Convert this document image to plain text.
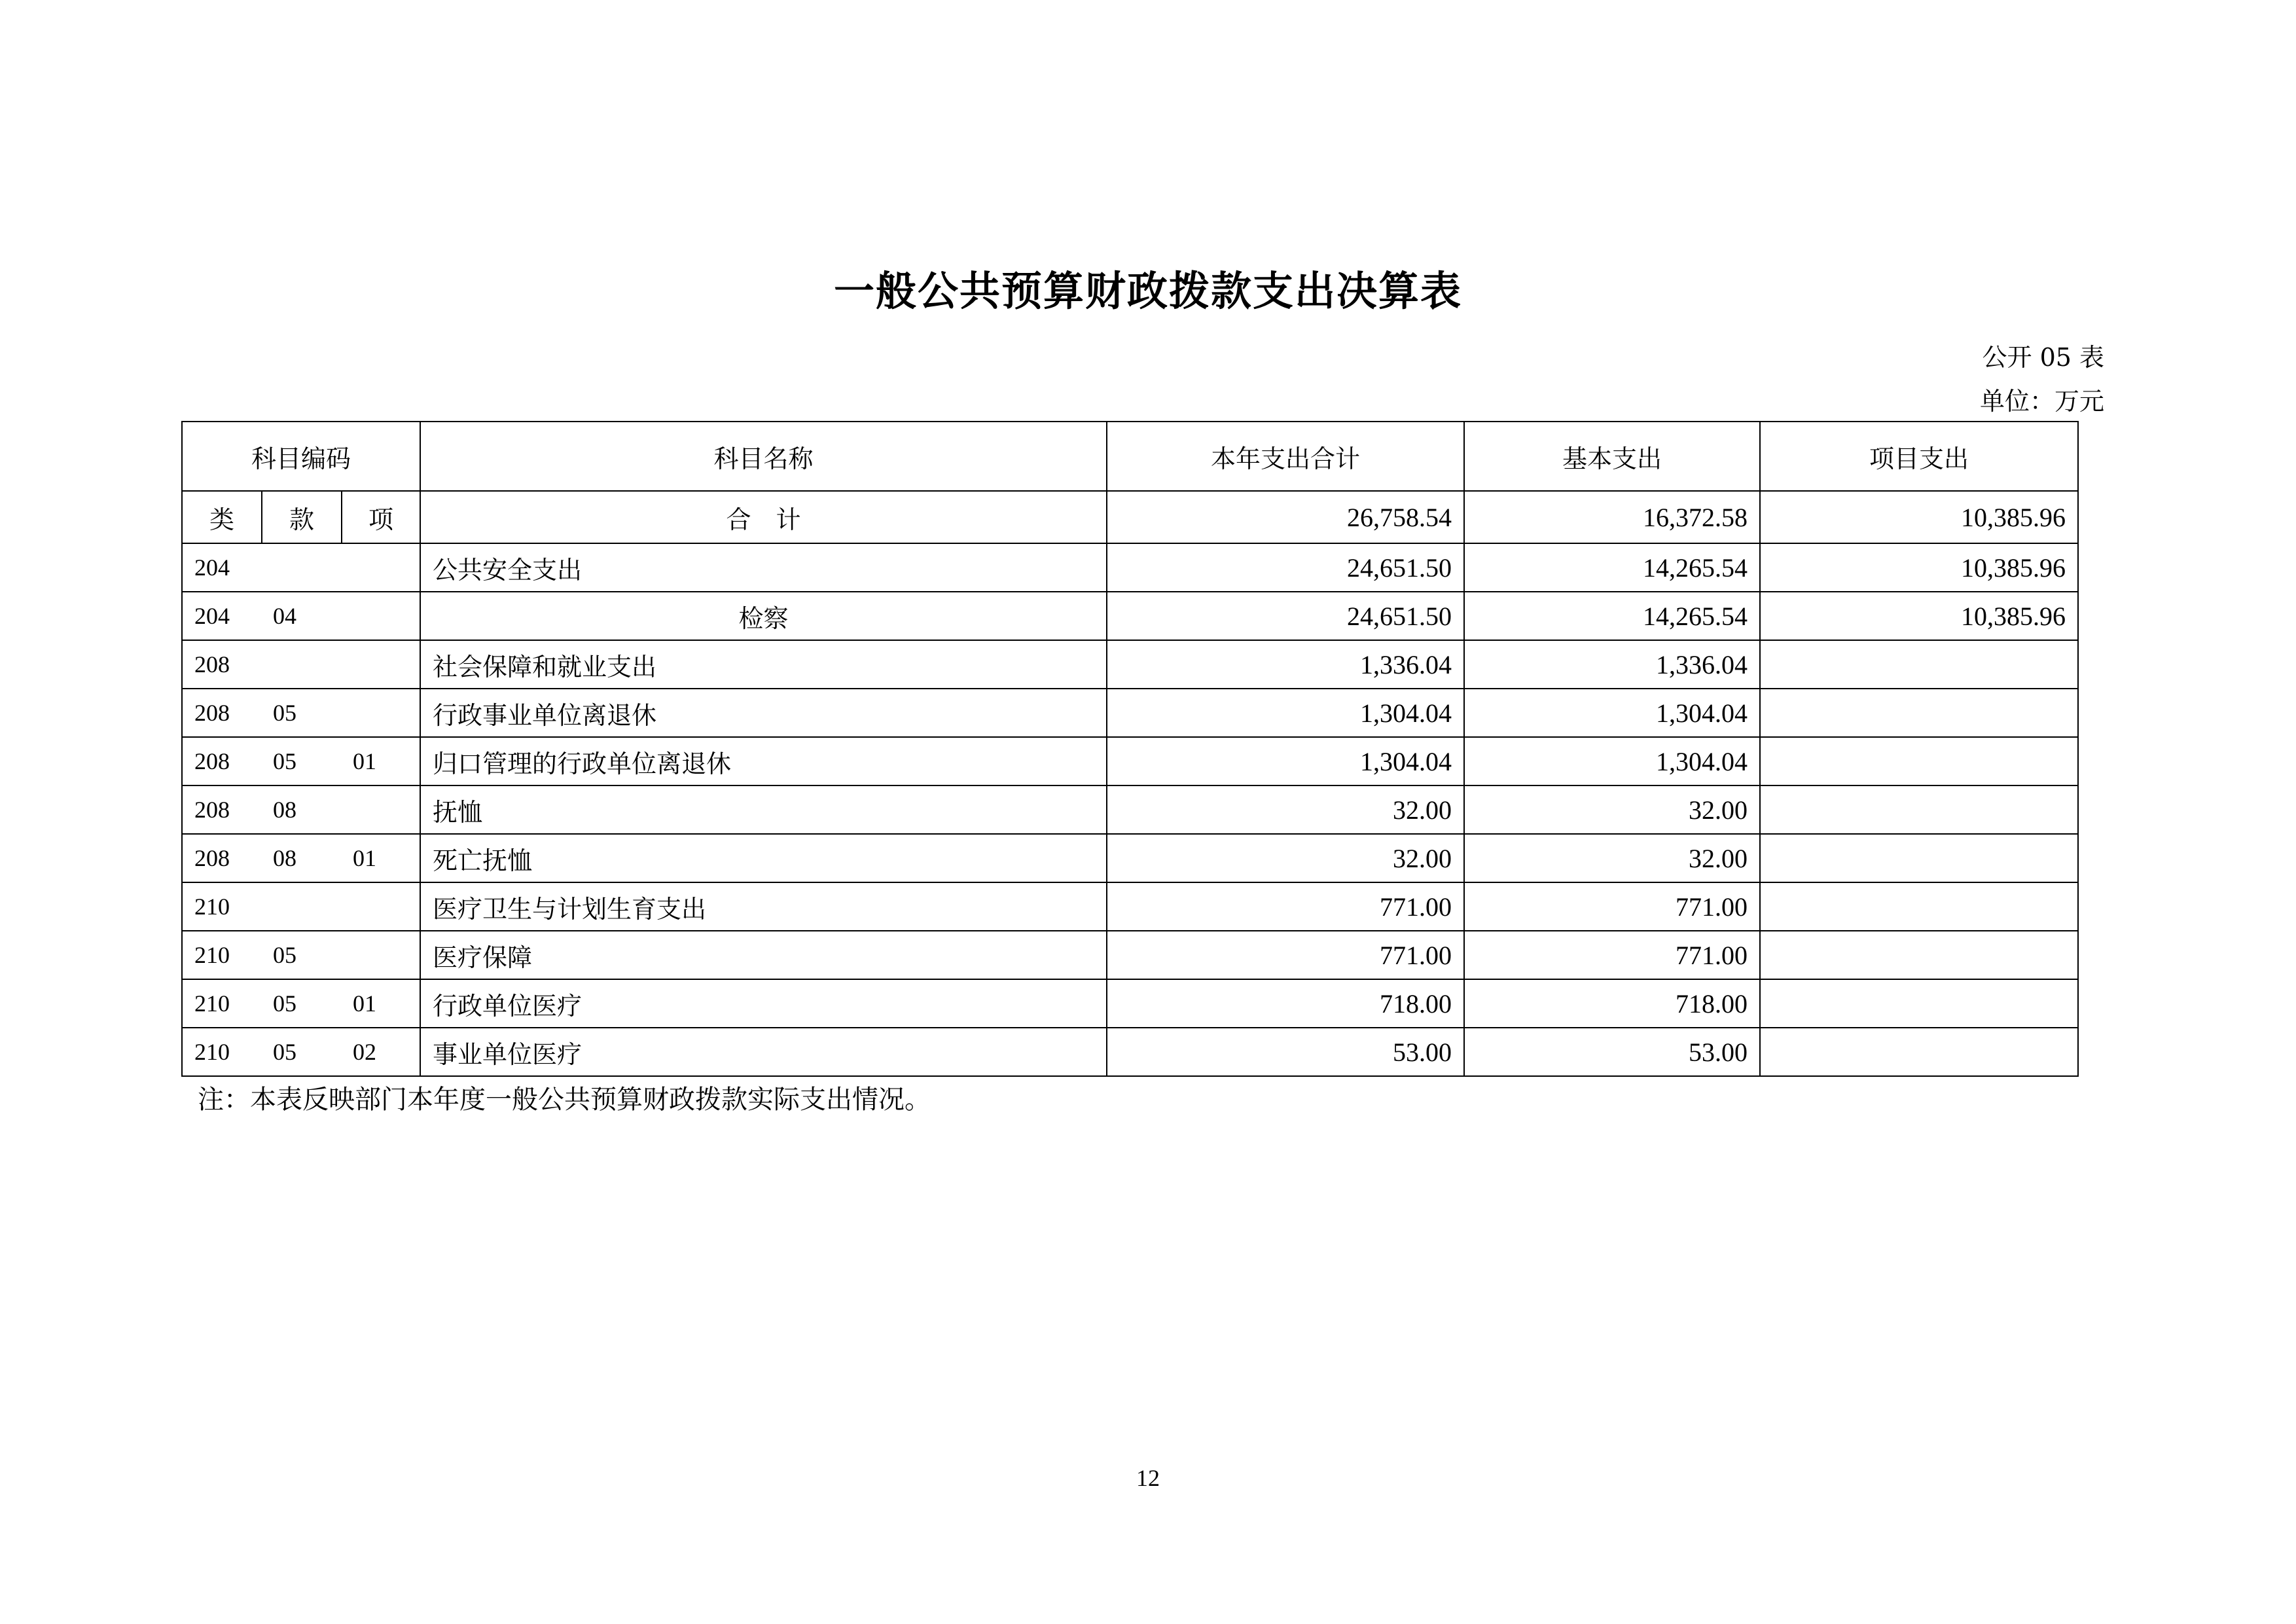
一般公共预算财政拨款支出决算表
公开 05 表
单位：万元
科目编码			科目名称	本年支出合计	基本支出	项目支出
类	款	项	合　计	26,758.54	16,372.58	10,385.96

204			公共安全支出	24,651.50	14,265.54	10,385.96

204 04			检察	24,651.50	14,265.54	10,385.96

208			社会保障和就业支出	1,336.04	1,336.04	

208 05			行政事业单位离退休	1,304.04	1,304.04	

208 05 01			归口管理的行政单位离退休	1,304.04	1,304.04	

208 08			抚恤	32.00	32.00	

208 08 01			死亡抚恤	32.00	32.00	

210			医疗卫生与计划生育支出	771.00	771.00	

210 05			医疗保障	771.00	771.00	

210 05 01			行政单位医疗	718.00	718.00	

210 05 02			事业单位医疗	53.00	53.00	
注：本表反映部门本年度一般公共预算财政拨款实际支出情况。
12
